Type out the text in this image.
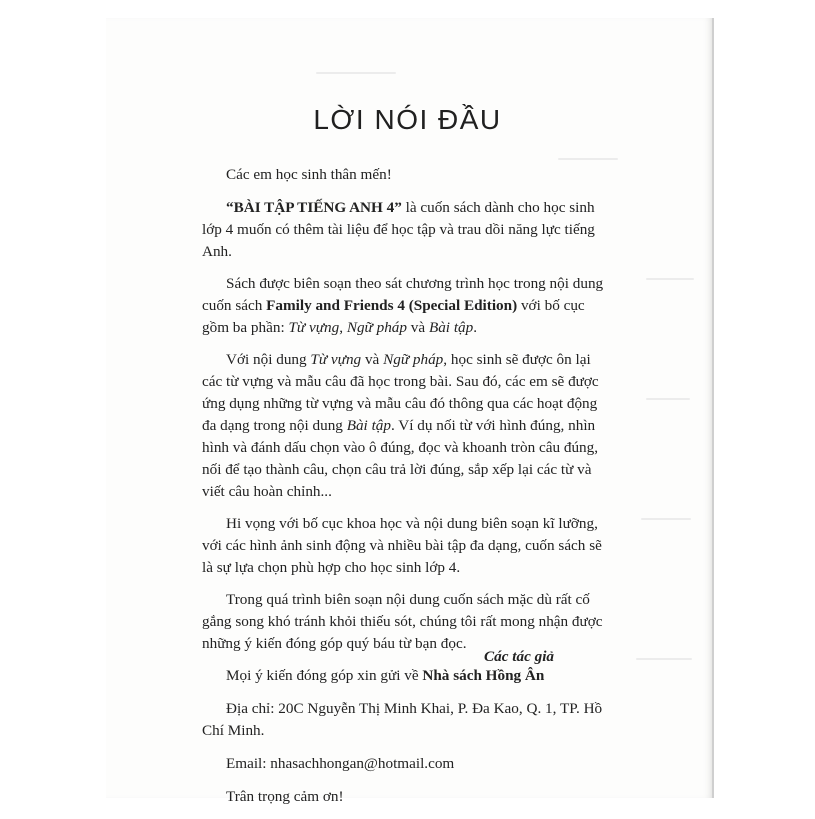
LỜI NÓI ĐẦU

Các em học sinh thân mến!

“BÀI TẬP TIẾNG ANH 4” là cuốn sách dành cho học sinh lớp 4 muốn có thêm tài liệu để học tập và trau dồi năng lực tiếng Anh.

Sách được biên soạn theo sát chương trình học trong nội dung cuốn sách Family and Friends 4 (Special Edition) với bố cục gồm ba phần: Từ vựng, Ngữ pháp và Bài tập.

Với nội dung Từ vựng và Ngữ pháp, học sinh sẽ được ôn lại các từ vựng và mẫu câu đã học trong bài. Sau đó, các em sẽ được ứng dụng những từ vựng và mẫu câu đó thông qua các hoạt động đa dạng trong nội dung Bài tập. Ví dụ nối từ với hình đúng, nhìn hình và đánh dấu chọn vào ô đúng, đọc và khoanh tròn câu đúng, nối để tạo thành câu, chọn câu trả lời đúng, sắp xếp lại các từ và viết câu hoàn chỉnh...

Hi vọng với bố cục khoa học và nội dung biên soạn kĩ lưỡng, với các hình ảnh sinh động và nhiều bài tập đa dạng, cuốn sách sẽ là sự lựa chọn phù hợp cho học sinh lớp 4.

Trong quá trình biên soạn nội dung cuốn sách mặc dù rất cố gắng song khó tránh khỏi thiếu sót, chúng tôi rất mong nhận được những ý kiến đóng góp quý báu từ bạn đọc.

Mọi ý kiến đóng góp xin gửi về Nhà sách Hồng Ân

Địa chỉ: 20C Nguyễn Thị Minh Khai, P. Đa Kao, Q. 1, TP. Hồ Chí Minh.

Email: nhasachhongan@hotmail.com

Trân trọng cảm ơn!

Các tác giả
